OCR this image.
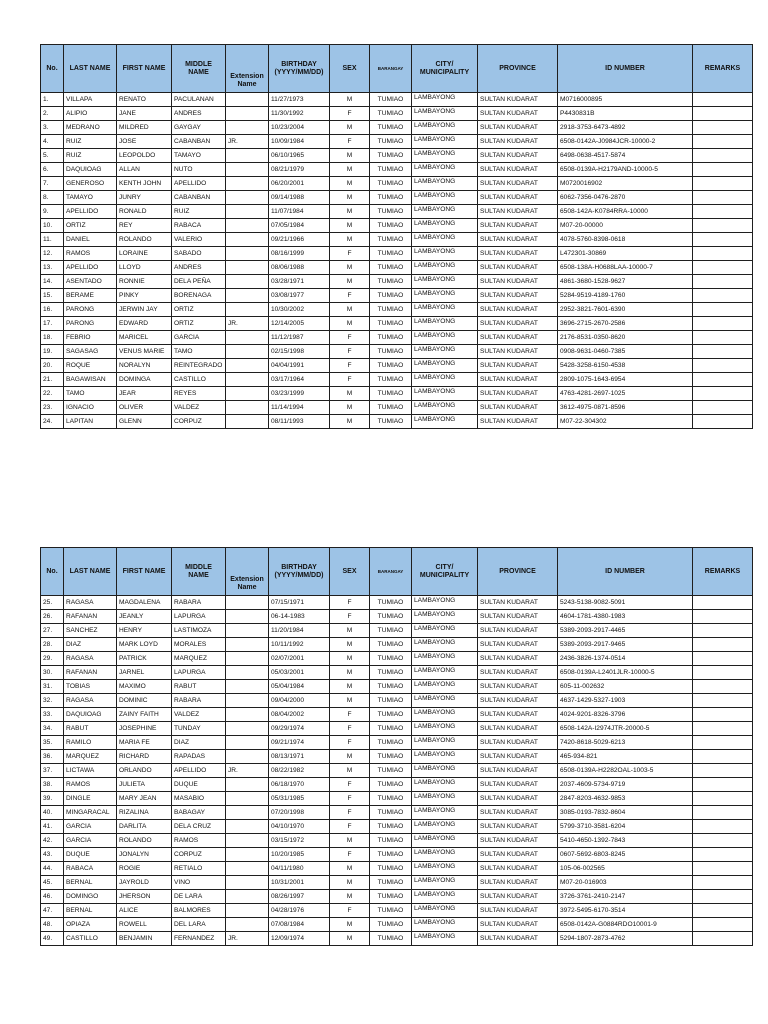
No.	LAST NAME	FIRST NAME	MIDDLE NAME	Extension Name	BIRTHDAY (YYYY/MM/DD)	SEX	BARANGAY	CITY/ MUNICIPALITY	PROVINCE	ID NUMBER	REMARKS
1.	VILLAPA	RENATO	PACULANAN		11/27/1973	M	TUMIAO	LAMBAYONG	SULTAN KUDARAT	M0716000895	
2.	ALIPIO	JANE	ANDRES		11/30/1992	F	TUMIAO	LAMBAYONG	SULTAN KUDARAT	P4430831B	
3.	MEDRANO	MILDRED	GAYGAY		10/23/2004	M	TUMIAO	LAMBAYONG	SULTAN KUDARAT	2918-3753-6473-4892	
4.	RUIZ	JOSE	CABANBAN	JR.	10/09/1984	F	TUMIAO	LAMBAYONG	SULTAN KUDARAT	6508-0142A-J0984JCR-10000-2	
5.	RUIZ	LEOPOLDO	TAMAYO		06/10/1965	M	TUMIAO	LAMBAYONG	SULTAN KUDARAT	6498-0638-4517-5874	
6.	DAQUIOAG	ALLAN	NUTO		08/21/1979	M	TUMIAO	LAMBAYONG	SULTAN KUDARAT	6508-0139A-H2179AND-10000-5	
7.	GENEROSO	KENTH JOHN	APELLIDO		06/20/2001	M	TUMIAO	LAMBAYONG	SULTAN KUDARAT	M0720016902	
8.	TAMAYO	JUNRY	CABANBAN		09/14/1988	M	TUMIAO	LAMBAYONG	SULTAN KUDARAT	6062-7356-0476-2870	
9.	APELLIDO	RONALD	RUIZ		11/07/1984	M	TUMIAO	LAMBAYONG	SULTAN KUDARAT	6508-142A-K0784RRA-10000	
10.	ORTIZ	REY	RABACA		07/05/1984	M	TUMIAO	LAMBAYONG	SULTAN KUDARAT	M07-20-00000	
11.	DANIEL	ROLANDO	VALERIO		09/21/1966	M	TUMIAO	LAMBAYONG	SULTAN KUDARAT	4078-5760-8398-0618	
12.	RAMOS	LORAINE	SABADO		08/16/1999	F	TUMIAO	LAMBAYONG	SULTAN KUDARAT	L472301-30869	
13.	APELLIDO	LLOYD	ANDRES		08/06/1988	M	TUMIAO	LAMBAYONG	SULTAN KUDARAT	6508-138A-H0688LAA-10000-7	
14.	ASENTADO	RONNIE	DELA PEÑA		03/28/1971	M	TUMIAO	LAMBAYONG	SULTAN KUDARAT	4861-3680-1528-9627	
15.	BERAME	PINKY	BORENAGA		03/08/1977	F	TUMIAO	LAMBAYONG	SULTAN KUDARAT	5284-9519-4189-1760	
16.	PARONG	JERWIN JAY	ORTIZ		10/30/2002	M	TUMIAO	LAMBAYONG	SULTAN KUDARAT	2952-3821-7601-6390	
17.	PARONG	EDWARD	ORTIZ	JR.	12/14/2005	M	TUMIAO	LAMBAYONG	SULTAN KUDARAT	3696-2715-2670-2586	
18.	FEBRIO	MARICEL	GARCIA		11/12/1987	F	TUMIAO	LAMBAYONG	SULTAN KUDARAT	2176-8531-0350-8620	
19.	SAGASAG	VENUS MARIE	TAMO		02/15/1998	F	TUMIAO	LAMBAYONG	SULTAN KUDARAT	0908-9631-0460-7385	
20.	ROQUE	NORALYN	REINTEGRADO		04/04/1991	F	TUMIAO	LAMBAYONG	SULTAN KUDARAT	5428-3258-6150-4538	
21.	BAGAWISAN	DOMINGA	CASTILLO		03/17/1964	F	TUMIAO	LAMBAYONG	SULTAN KUDARAT	2809-1075-1643-6954	
22.	TAMO	JEAR	REYES		03/23/1999	M	TUMIAO	LAMBAYONG	SULTAN KUDARAT	4763-4281-2697-1025	
23.	IGNACIO	OLIVER	VALDEZ		11/14/1994	M	TUMIAO	LAMBAYONG	SULTAN KUDARAT	3612-4975-0871-8596	
24.	LAPITAN	GLENN	CORPUZ		08/11/1993	M	TUMIAO	LAMBAYONG	SULTAN KUDARAT	M07-22-304302	
No.	LAST NAME	FIRST NAME	MIDDLE NAME	Extension Name	BIRTHDAY (YYYY/MM/DD)	SEX	BARANGAY	CITY/ MUNICIPALITY	PROVINCE	ID NUMBER	REMARKS
25.	RAGASA	MAGDALENA	RABARA		07/15/1971	F	TUMIAO	LAMBAYONG	SULTAN KUDARAT	5243-5138-9082-5091	
26.	RAFANAN	JEANLY	LAPURGA		06-14-1983	F	TUMIAO	LAMBAYONG	SULTAN KUDARAT	4604-1781-4380-1983	
27.	SANCHEZ	HENRY	LASTIMOZA		11/20/1984	M	TUMIAO	LAMBAYONG	SULTAN KUDARAT	5389-2093-2917-4465	
28.	DIAZ	MARK LOYD	MORALES		10/11/1992	M	TUMIAO	LAMBAYONG	SULTAN KUDARAT	5389-2093-2917-9465	
29.	RAGASA	PATRICK	MARQUEZ		02/07/2001	M	TUMIAO	LAMBAYONG	SULTAN KUDARAT	2436-3826-1374-0514	
30.	RAFANAN	JARNEL	LAPURGA		05/03/2001	M	TUMIAO	LAMBAYONG	SULTAN KUDARAT	6508-0139A-L2401JLR-10000-5	
31.	TOBIAS	MAXIMO	RABUT		05/04/1984	M	TUMIAO	LAMBAYONG	SULTAN KUDARAT	605-11-002632	
32.	RAGASA	DOMINIC	RABARA		09/04/2000	M	TUMIAO	LAMBAYONG	SULTAN KUDARAT	4637-1429-5327-1903	
33.	DAQUIOAG	ZAINY FAITH	VALDEZ		08/04/2002	F	TUMIAO	LAMBAYONG	SULTAN KUDARAT	4024-9201-8326-3796	
34.	RABUT	JOSEPHINE	TUNDAY		09/29/1974	F	TUMIAO	LAMBAYONG	SULTAN KUDARAT	6508-142A-I2974JTR-20000-5	
35.	RAMILO	MARIA FE	DIAZ		09/21/1974	F	TUMIAO	LAMBAYONG	SULTAN KUDARAT	7420-8618-5029-6213	
36.	MARQUEZ	RICHARD	RAPADAS		08/13/1971	M	TUMIAO	LAMBAYONG	SULTAN KUDARAT	465-934-821	
37.	LICTAWA	ORLANDO	APELLIDO	JR.	08/22/1982	M	TUMIAO	LAMBAYONG	SULTAN KUDARAT	6508-0139A-H2282OAL-1003-5	
38.	RAMOS	JULIETA	DUQUE		06/18/1970	F	TUMIAO	LAMBAYONG	SULTAN KUDARAT	2037-4609-5734-9719	
39.	DINGLE	MARY JEAN	MASABIO		05/31/1985	F	TUMIAO	LAMBAYONG	SULTAN KUDARAT	2847-8203-4632-9853	
40.	MINGARACAL	RIZALINA	BABAGAY		07/20/1998	F	TUMIAO	LAMBAYONG	SULTAN KUDARAT	3085-0193-7832-8604	
41.	GARCIA	DARLITA	DELA CRUZ		04/10/1970	F	TUMIAO	LAMBAYONG	SULTAN KUDARAT	5799-3710-3581-6204	
42.	GARCIA	ROLANDO	RAMOS		03/15/1972	M	TUMIAO	LAMBAYONG	SULTAN KUDARAT	5410-4650-1392-7843	
43.	DUQUE	JONALYN	CORPUZ		10/20/1985	F	TUMIAO	LAMBAYONG	SULTAN KUDARAT	0607-5692-6803-8245	
44.	RABACA	ROGIE	RETIALO		04/11/1980	M	TUMIAO	LAMBAYONG	SULTAN KUDARAT	105-06-002565	
45.	BERNAL	JAYROLD	VINO		10/31/2001	M	TUMIAO	LAMBAYONG	SULTAN KUDARAT	M07-20-016903	
46.	DOMINGO	JHERSON	DE LARA		08/26/1997	M	TUMIAO	LAMBAYONG	SULTAN KUDARAT	3726-3761-2410-2147	
47.	BERNAL	ALICE	BALMORES		04/28/1976	F	TUMIAO	LAMBAYONG	SULTAN KUDARAT	3972-5495-6170-3514	
48.	OPIAZA	ROWELL	DEL LARA		07/08/1984	M	TUMIAO	LAMBAYONG	SULTAN KUDARAT	6508-0142A-G0884RDO10001-9	
49.	CASTILLO	BENJAMIN	FERNANDEZ	JR.	12/09/1974	M	TUMIAO	LAMBAYONG	SULTAN KUDARAT	5294-1807-2873-4762	
